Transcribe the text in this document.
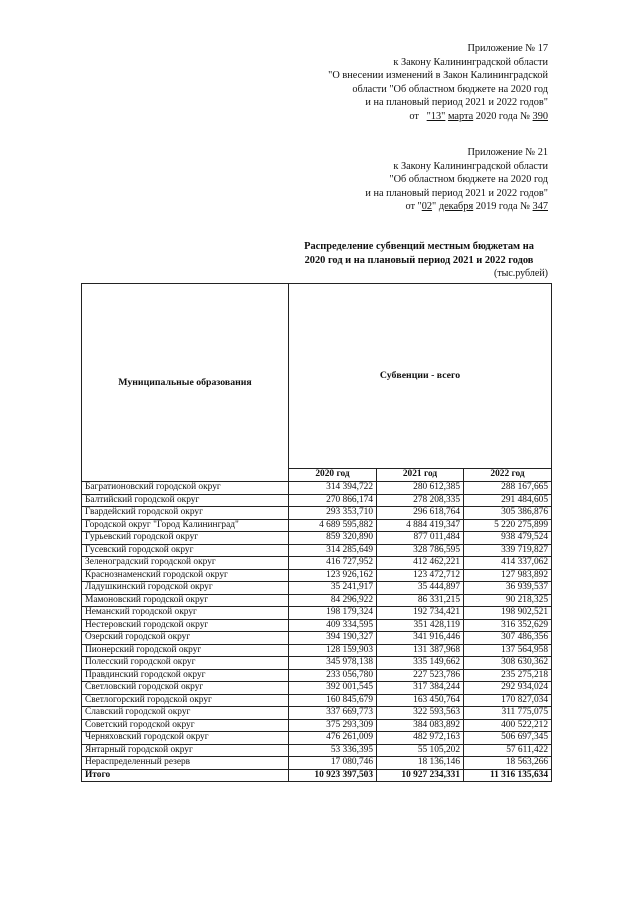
Приложение № 17
к Закону Калининградской области
"О внесении изменений в Закон Калининградской
области "Об областном бюджете на 2020 год
и на плановый период 2021 и 2022 годов"
от "13" марта 2020 года № 390
Приложение № 21
к Закону Калининградской области
"Об областном бюджете на 2020 год
и на плановый период 2021 и 2022 годов"
от "02" декабря 2019 года № 347
Распределение субвенций местным бюджетам на
2020 год и на плановый период 2021 и 2022 годов
(тыс.рублей)
Муниципальные образования	Субвенции - всего		
	2020 год	2021 год	2022 год
Багратионовский городской округ	314 394,722	280 612,385	288 167,665
Балтийский городской округ	270 866,174	278 208,335	291 484,605
Гвардейский городской округ	293 353,710	296 618,764	305 386,876
Городской округ "Город Калининград"	4 689 595,882	4 884 419,347	5 220 275,899
Гурьевский городской округ	859 320,890	877 011,484	938 479,524
Гусевский городской округ	314 285,649	328 786,595	339 719,827
Зеленоградский городской округ	416 727,952	412 462,221	414 337,062
Краснознаменский городской округ	123 926,162	123 472,712	127 983,892
Ладушкинский городской округ	35 241,917	35 444,897	36 939,537
Мамоновский городской округ	84 296,922	86 331,215	90 218,325
Неманский городской округ	198 179,324	192 734,421	198 902,521
Нестеровский городской округ	409 334,595	351 428,119	316 352,629
Озерский городской округ	394 190,327	341 916,446	307 486,356
Пионерский городской округ	128 159,903	131 387,968	137 564,958
Полесский городской округ	345 978,138	335 149,662	308 630,362
Правдинский городской округ	233 056,780	227 523,786	235 275,218
Светловский городской округ	392 001,545	317 384,244	292 934,024
Светлогорский городской округ	160 845,679	163 450,764	170 827,034
Славский городской округ	337 669,773	322 593,563	311 775,075
Советский городской округ	375 293,309	384 083,892	400 522,212
Черняховский городской округ	476 261,009	482 972,163	506 697,345
Янтарный городской округ	53 336,395	55 105,202	57 611,422
Нераспределенный резерв	17 080,746	18 136,146	18 563,266
Итого	10 923 397,503	10 927 234,331	11 316 135,634
